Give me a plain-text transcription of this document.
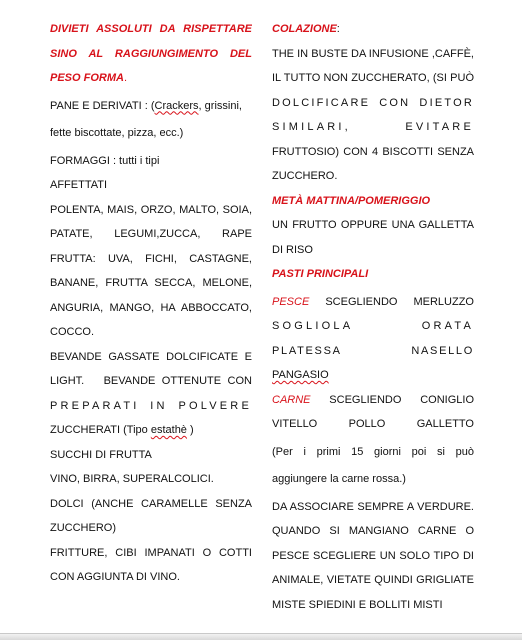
DIVIETI ASSOLUTI DA RISPETTARE
SINO AL RAGGIUNGIMENTO DEL
PESO FORMA.
PANE E DERIVATI : (Crackers, grissini,
fette biscottate, pizza, ecc.)
FORMAGGI : tutti i tipi
AFFETTATI
POLENTA, MAIS, ORZO, MALTO, SOIA,
PATATE, LEGUMI,ZUCCA, RAPE
FRUTTA: UVA, FICHI, CASTAGNE,
BANANE, FRUTTA SECCA, MELONE,
ANGURIA, MANGO, HA ABBOCCATO,
COCCO.
BEVANDE GASSATE DOLCIFICATE E
LIGHT.   BEVANDE OTTENUTE CON
PREPARATI IN POLVERE
ZUCCHERATI (Tipo estathè )
SUCCHI DI FRUTTA
VINO, BIRRA, SUPERALCOLICI.
DOLCI (ANCHE CARAMELLE SENZA
ZUCCHERO)
FRITTURE, CIBI IMPANATI O COTTI
CON AGGIUNTA DI VINO.
COLAZIONE:
THE IN BUSTE DA INFUSIONE ,CAFFÈ,
IL TUTTO NON ZUCCHERATO, (SI PUÒ
DOLCIFICARE CON DIETOR
SIMILARI, EVITARE
FRUTTOSIO) CON 4 BISCOTTI SENZA
ZUCCHERO.
METÀ MATTINA/POMERIGGIO
UN FRUTTO OPPURE UNA GALLETTA
DI RISO
PASTI PRINCIPALI
PESCE SCEGLIENDO MERLUZZO
SOGLIOLA ORATA
PLATESSA NASELLO
PANGASIO
CARNE SCEGLIENDO CONIGLIO
VITELLO POLLO GALLETTO
(Per i primi 15 giorni poi si può
aggiungere la carne rossa.)
DA ASSOCIARE SEMPRE A VERDURE.
QUANDO SI MANGIANO CARNE O
PESCE SCEGLIERE UN SOLO TIPO DI
ANIMALE, VIETATE QUINDI GRIGLIATE
MISTE SPIEDINI E BOLLITI MISTI
